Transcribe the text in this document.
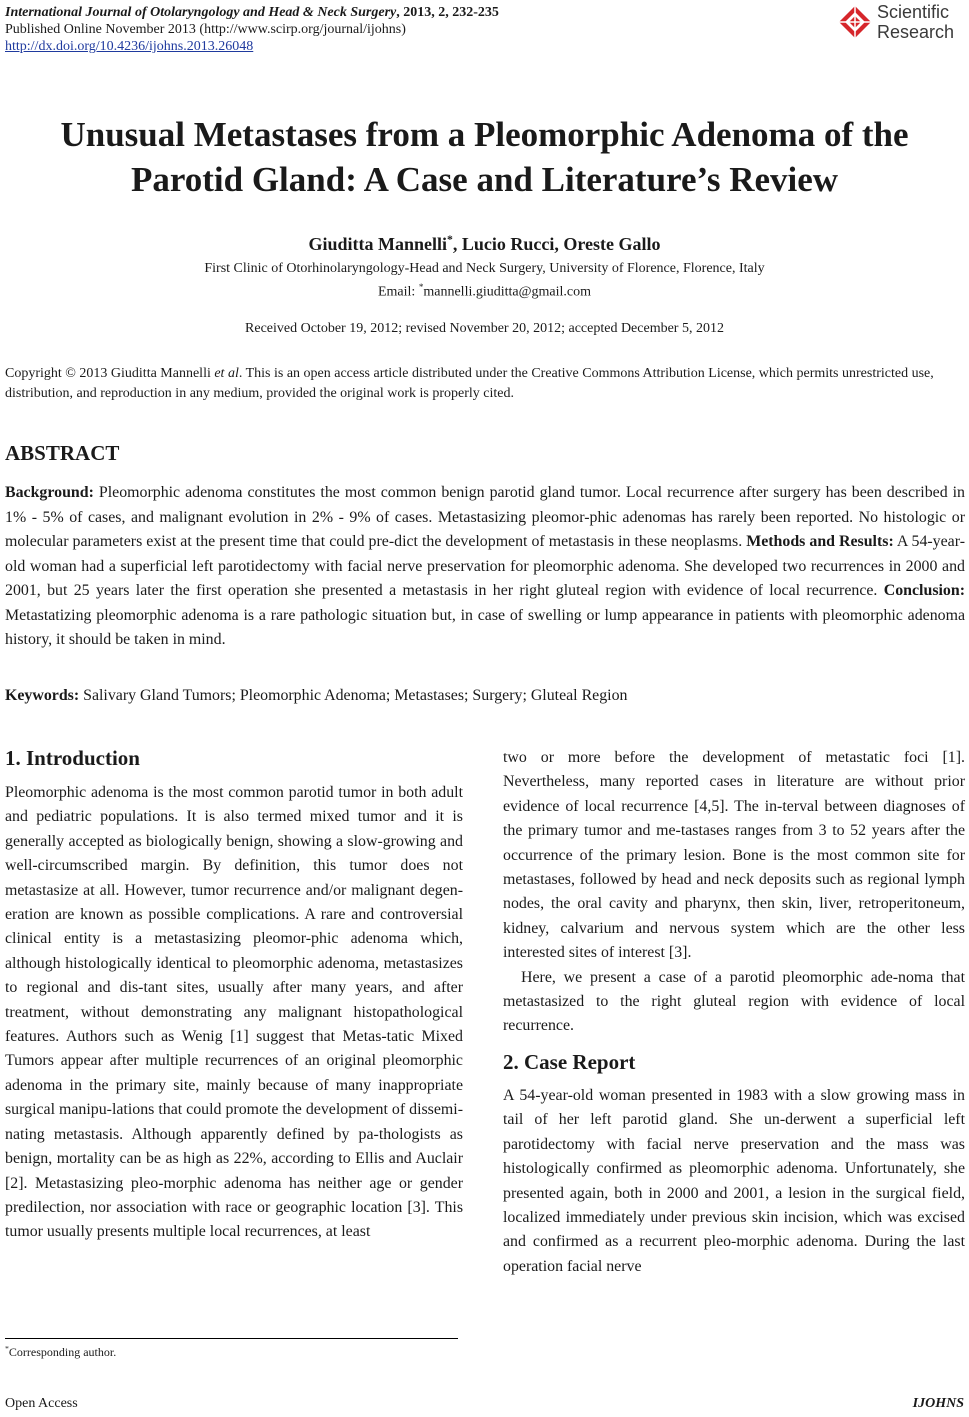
International Journal of Otolaryngology and Head & Neck Surgery, 2013, 2, 232-235
Published Online November 2013 (http://www.scirp.org/journal/ijohns)
http://dx.doi.org/10.4236/ijohns.2013.26048
Scientific
Research
Unusual Metastases from a Pleomorphic Adenoma of the
Parotid Gland: A Case and Literature’s Review
Giuditta Mannelli*, Lucio Rucci, Oreste Gallo
First Clinic of Otorhinolaryngology-Head and Neck Surgery, University of Florence, Florence, Italy
Email: *mannelli.giuditta@gmail.com
Received October 19, 2012; revised November 20, 2012; accepted December 5, 2012
Copyright © 2013 Giuditta Mannelli et al. This is an open access article distributed under the Creative Commons Attribution License, which permits unrestricted use, distribution, and reproduction in any medium, provided the original work is properly cited.
ABSTRACT

Background: Pleomorphic adenoma constitutes the most common benign parotid gland tumor. Local recurrence after surgery has been described in 1% - 5% of cases, and malignant evolution in 2% - 9% of cases. Metastasizing pleomor-phic adenomas has rarely been reported. No histologic or molecular parameters exist at the present time that could pre-dict the development of metastasis in these neoplasms. Methods and Results: A 54-year-old woman had a superficial left parotidectomy with facial nerve preservation for pleomorphic adenoma. She developed two recurrences in 2000 and 2001, but 25 years later the first operation she presented a metastasis in her right gluteal region with evidence of local recurrence. Conclusion: Metastatizing pleomorphic adenoma is a rare pathologic situation but, in case of swelling or lump appearance in patients with pleomorphic adenoma history, it should be taken in mind.

Keywords: Salivary Gland Tumors; Pleomorphic Adenoma; Metastases; Surgery; Gluteal Region

1. Introduction

Pleomorphic adenoma is the most common parotid tumor in both adult and pediatric populations. It is also termed mixed tumor and it is generally accepted as biologically benign, showing a slow-growing and well-circumscribed margin. By definition, this tumor does not metastasize at all. However, tumor recurrence and/or malignant degen-eration are known as possible complications. A rare and controversial clinical entity is a metastasizing pleomor-phic adenoma which, although histologically identical to pleomorphic adenoma, metastasizes to regional and dis-tant sites, usually after many years, and after treatment, without demonstrating any malignant histopathological features. Authors such as Wenig [1] suggest that Metas-tatic Mixed Tumors appear after multiple recurrences of an original pleomorphic adenoma in the primary site, mainly because of many inappropriate surgical manipu-lations that could promote the development of dissemi-nating metastasis. Although apparently defined by pa-thologists as benign, mortality can be as high as 22%, according to Ellis and Auclair [2]. Metastasizing pleo-morphic adenoma has neither age or gender predilection, nor association with race or geographic location [3]. This tumor usually presents multiple local recurrences, at least

two or more before the development of metastatic foci [1]. Nevertheless, many reported cases in literature are without prior evidence of local recurrence [4,5]. The in-terval between diagnoses of the primary tumor and me-tastases ranges from 3 to 52 years after the occurrence of the primary lesion. Bone is the most common site for metastases, followed by head and neck deposits such as regional lymph nodes, the oral cavity and pharynx, then skin, liver, retroperitoneum, kidney, calvarium and nervous system which are the other less interested sites of interest [3].

Here, we present a case of a parotid pleomorphic ade-noma that metastasized to the right gluteal region with evidence of local recurrence.

2. Case Report

A 54-year-old woman presented in 1983 with a slow growing mass in tail of her left parotid gland. She un-derwent a superficial left parotidectomy with facial nerve preservation and the mass was histologically confirmed as pleomorphic adenoma. Unfortunately, she presented again, both in 2000 and 2001, a lesion in the surgical field, localized immediately under previous skin incision, which was excised and confirmed as a recurrent pleo-morphic adenoma. During the last operation facial nerve

*Corresponding author.
Open Access	IJOHNS
